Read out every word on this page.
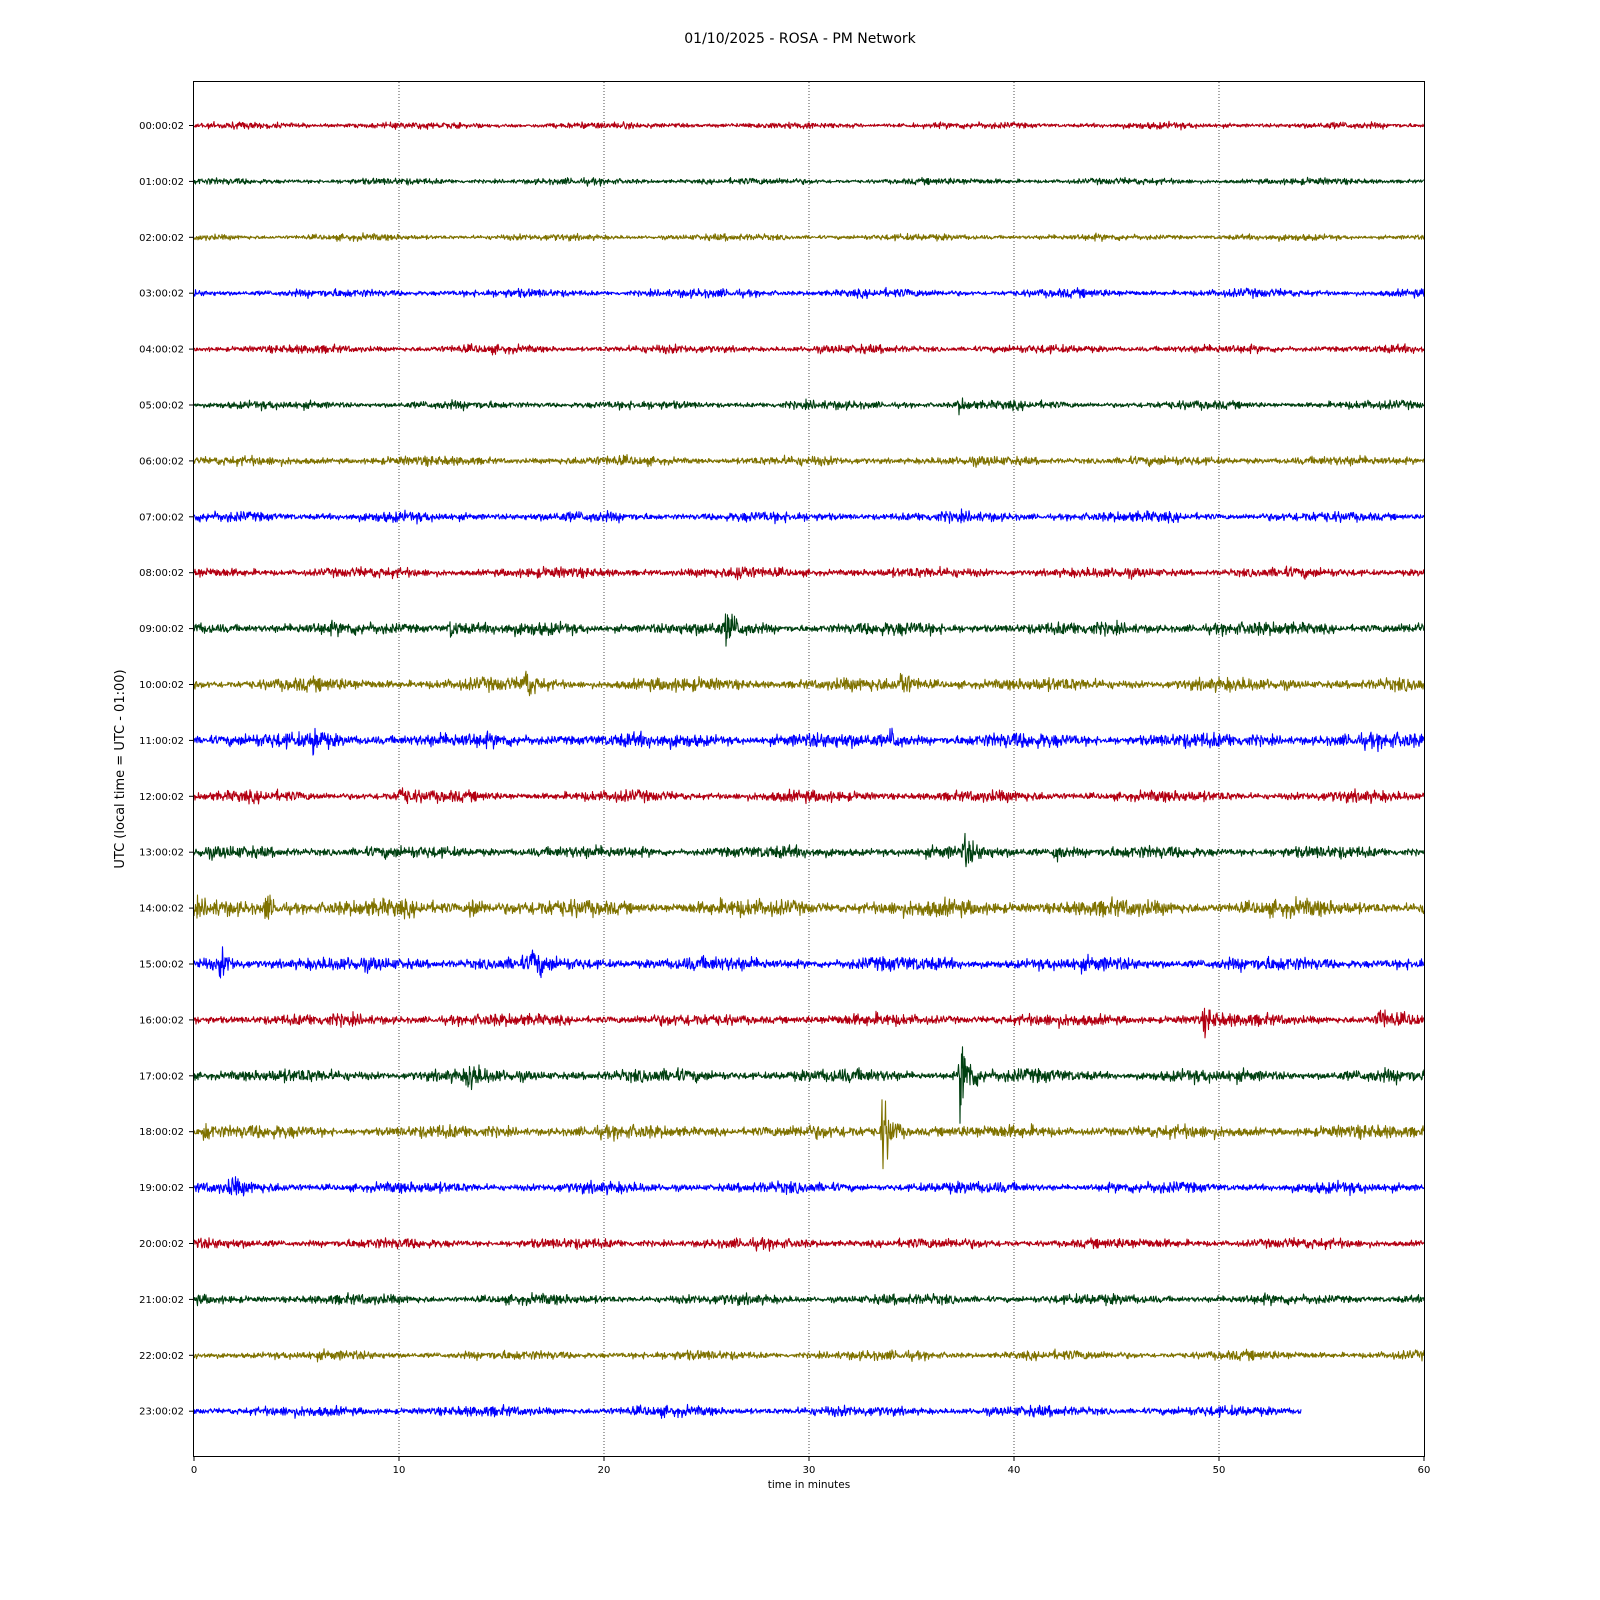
01/10/2025 - ROSA - PM Network
00:00:02
01:00:02
02:00:02
03:00:02
04:00:02
05:00:02
06:00:02
07:00:02
08:00:02
09:00:02
10:00:02
11:00:02
12:00:02
13:00:02
14:00:02
15:00:02
16:00:02
17:00:02
18:00:02
19:00:02
20:00:02
21:00:02
22:00:02
23:00:02
0	10	20	30	40	50	60
time in minutes
UTC (local time = UTC - 01:00)
